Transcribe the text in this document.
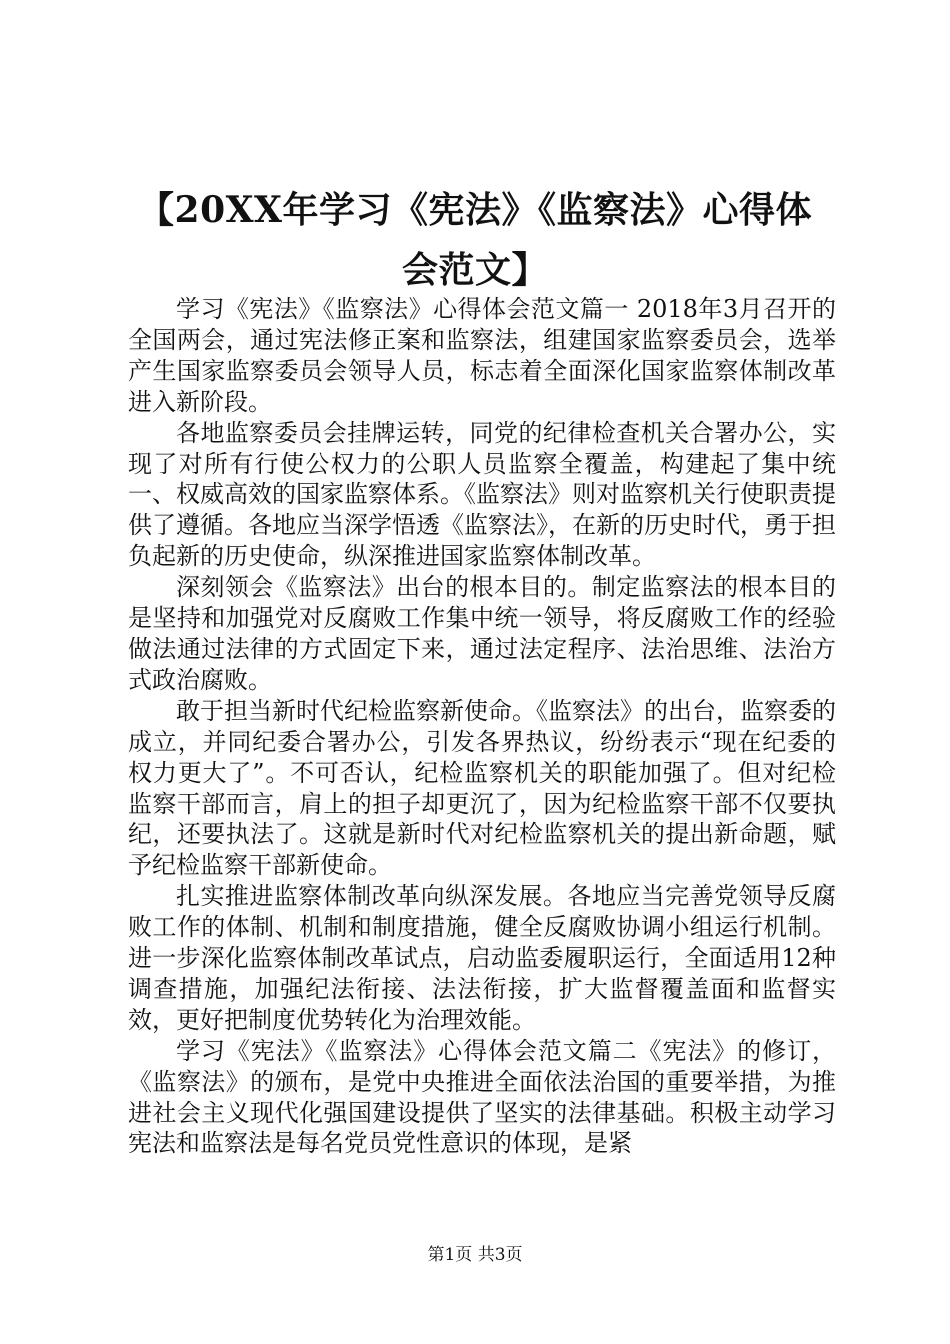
【20XX年学习《宪法》《监察法》心得体会范文】

学习《宪法》《监察法》心得体会范文篇一 2018年3月召开的全国两会，通过宪法修正案和监察法，组建国家监察委员会，选举产生国家监察委员会领导人员，标志着全面深化国家监察体制改革进入新阶段。

各地监察委员会挂牌运转，同党的纪律检查机关合署办公，实现了对所有行使公权力的公职人员监察全覆盖，构建起了集中统一、权威高效的国家监察体系。《监察法》则对监察机关行使职责提供了遵循。各地应当深学悟透《监察法》，在新的历史时代，勇于担负起新的历史使命，纵深推进国家监察体制改革。

深刻领会《监察法》出台的根本目的。制定监察法的根本目的是坚持和加强党对反腐败工作集中统一领导，将反腐败工作的经验做法通过法律的方式固定下来，通过法定程序、法治思维、法治方式政治腐败。

敢于担当新时代纪检监察新使命。《监察法》的出台，监察委的成立，并同纪委合署办公，引发各界热议，纷纷表示“现在纪委的权力更大了”。不可否认，纪检监察机关的职能加强了。但对纪检监察干部而言，肩上的担子却更沉了，因为纪检监察干部不仅要执纪，还要执法了。这就是新时代对纪检监察机关的提出新命题，赋予纪检监察干部新使命。

扎实推进监察体制改革向纵深发展。各地应当完善党领导反腐败工作的体制、机制和制度措施，健全反腐败协调小组运行机制。进一步深化监察体制改革试点，启动监委履职运行，全面适用12种调查措施，加强纪法衔接、法法衔接，扩大监督覆盖面和监督实效，更好把制度优势转化为治理效能。

学习《宪法》《监察法》心得体会范文篇二《宪法》的修订，《监察法》的颁布，是党中央推进全面依法治国的重要举措，为推进社会主义现代化强国建设提供了坚实的法律基础。积极主动学习宪法和监察法是每名党员党性意识的体现，是紧

第1页 共3页
